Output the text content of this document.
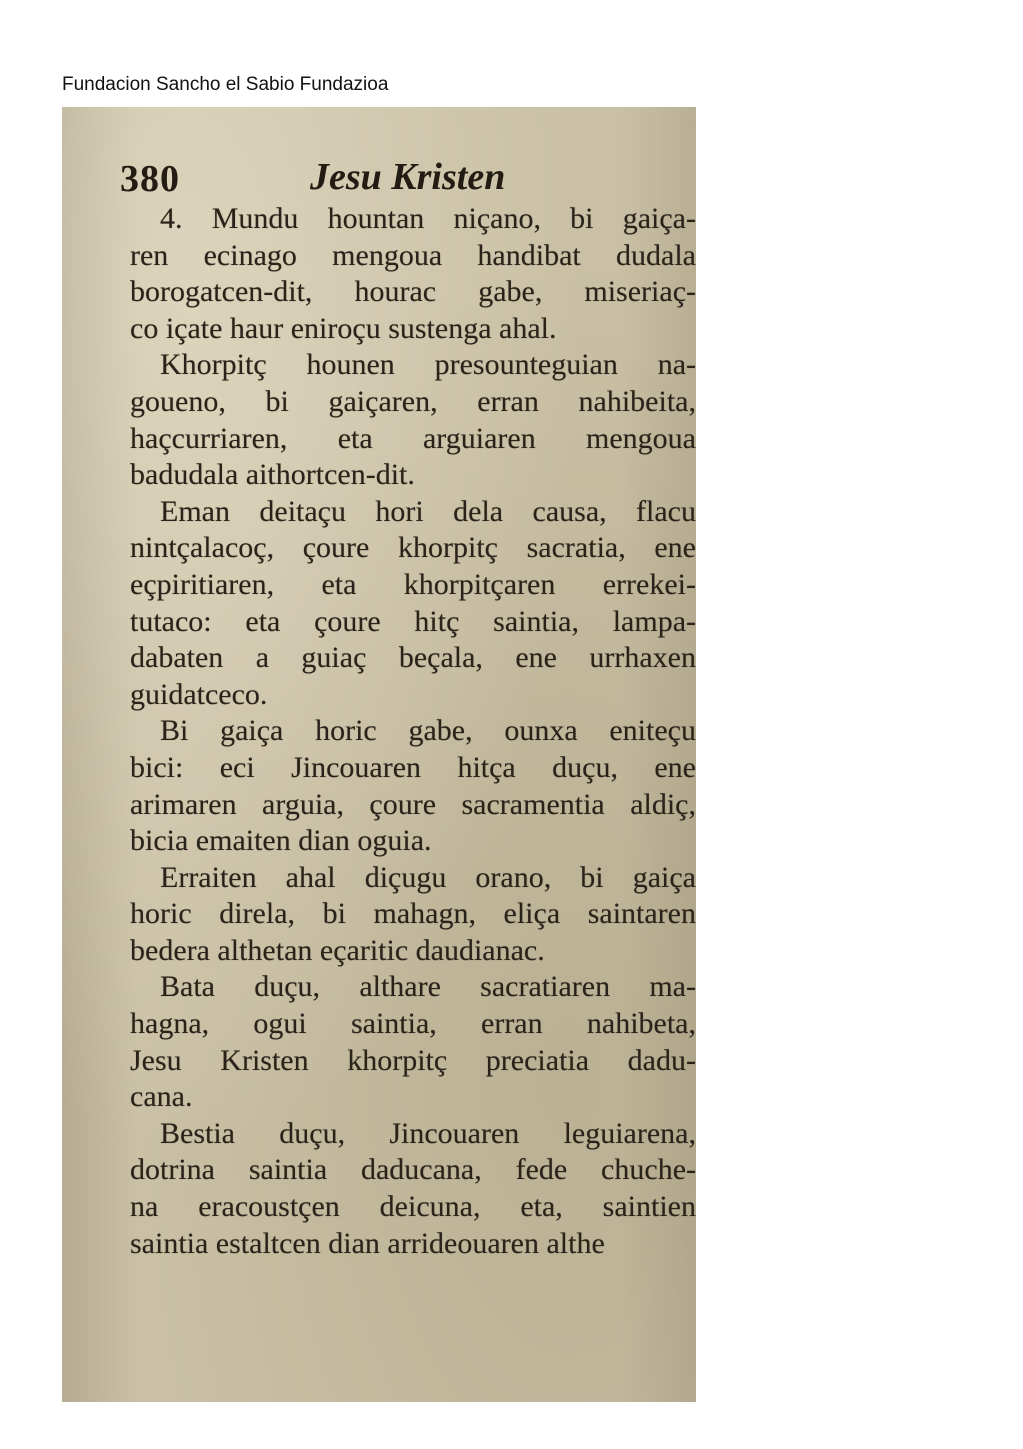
Fundacion Sancho el Sabio Fundazioa
380	Jesu Kristen
4. Mundu hountan niçano, bi gaiça-
ren ecinago mengoua handibat dudala
borogatcen-dit, hourac gabe, miseriaç-
co içate haur eniroçu sustenga ahal.
Khorpitç hounen presounteguian na-
goueno, bi gaiçaren, erran nahibeita,
haçcurriaren, eta arguiaren mengoua
badudala aithortcen-dit.
Eman deitaçu hori dela causa, flacu
nintçalacoç, çoure khorpitç sacratia, ene
eçpiritiaren, eta khorpitçaren errekei-
tutaco: eta çoure hitç saintia, lampa-
dabaten a guiaç beçala, ene urrhaxen
guidatceco.
Bi gaiça horic gabe, ounxa eniteçu
bici: eci Jincouaren hitça duçu, ene
arimaren arguia, çoure sacramentia aldiç,
bicia emaiten dian oguia.
Erraiten ahal diçugu orano, bi gaiça
horic direla, bi mahagn, eliça saintaren
bedera althetan eçaritic daudianac.
Bata duçu, althare sacratiaren ma-
hagna, ogui saintia, erran nahibeta,
Jesu Kristen khorpitç preciatia dadu-
cana.
Bestia duçu, Jincouaren leguiarena,
dotrina saintia daducana, fede chuche-
na eracoustçen deicuna, eta, saintien
saintia estaltcen dian arrideouaren althe
